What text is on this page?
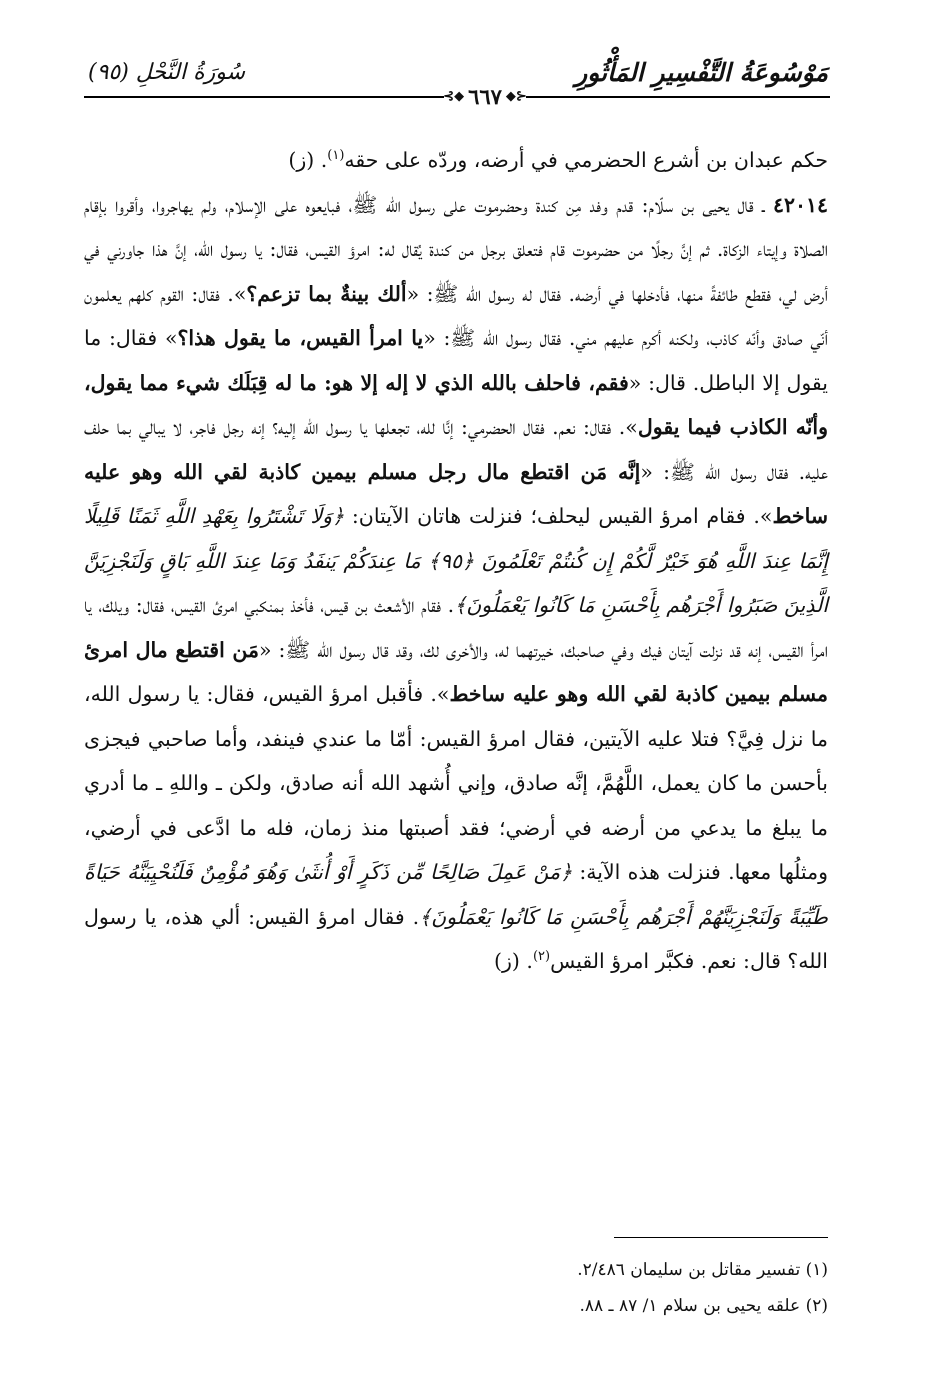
مَوْسُوعَةُ التَّفْسِيرِ المَأْثُورِ
سُورَةُ النَّحْلِ (٩٥)
⊰◆ ٦٦٧ ◆⊱

حكم عبدان بن أشرع الحضرمي في أرضه، وردّه على حقه$^{(١)}$. (ز)

٤٢٠١٤ ـ قال يحيى بن سلّام: قدم وفد مِن كندة وحضرموت على رسول الله ﷺ، فبايعوه على الإسلام، ولم يهاجروا، وأقروا بإقام الصلاة وإيتاء الزكاة. ثم إنَّ رجلًا من حضرموت قام فتعلق برجل من كندة يُقال له: امرؤ القيس، فقال: يا رسول الله، إنَّ هذا جاورني في أرض لي، فقطع طائفةً منها، فأدخلها في أرضه. فقال له رسول الله ﷺ: «ألك بينةٌ بما تزعم؟». فقال: القوم كلهم يعلمون أنّي صادق وأنّه كاذب، ولكنه أكرم عليهم مني. فقال رسول الله ﷺ: «يا امرأ القيس، ما يقول هذا؟» فقال: ما يقول إلا الباطل. قال: «فقم، فاحلف بالله الذي لا إله إلا هو: ما له قِبَلَك شيء مما يقول، وأنّه الكاذب فيما يقول». فقال: نعم. فقال الحضرمي: إنَّا لله، تجعلها يا رسول الله إليه؟ إنه رجل فاجر، لا يبالي بما حلف عليه. فقال رسول الله ﷺ: «إنَّه مَن اقتطع مال رجل مسلم بيمين كاذبة لقي الله وهو عليه ساخط». فقام امرؤ القيس ليحلف؛ فنزلت هاتان الآيتان: ﴿وَلَا تَشْتَرُوا بِعَهْدِ اللَّهِ ثَمَنًا قَلِيلًا إِنَّمَا عِندَ اللَّهِ هُوَ خَيْرٌ لَّكُمْ إِن كُنتُمْ تَعْلَمُونَ ﴿٩٥﴾ مَا عِندَكُمْ يَنفَدُ وَمَا عِندَ اللَّهِ بَاقٍ وَلَنَجْزِيَنَّ الَّذِينَ صَبَرُوا أَجْرَهُم بِأَحْسَنِ مَا كَانُوا يَعْمَلُونَ﴾. فقام الأشعث بن قيس، فأخذ بمنكبي امرئ القيس، فقال: ويلك، يا امرأ القيس، إنه قد نزلت آيتان فيك وفي صاحبك، خيرتهما له، والأخرى لك، وقد قال رسول الله ﷺ: «مَن اقتطع مال امرئ مسلم بيمين كاذبة لقي الله وهو عليه ساخط». فأقبل امرؤ القيس، فقال: يا رسول الله، ما نزل فِيَّ؟ فتلا عليه الآيتين، فقال امرؤ القيس: أمّا ما عندي فينفد، وأما صاحبي فيجزى بأحسن ما كان يعمل، اللَّهُمَّ، إنَّه صادق، وإني أُشهد الله أنه صادق، ولكن ـ واللهِ ـ ما أدري ما يبلغ ما يدعي من أرضه في أرضي؛ فقد أصبتها منذ زمان، فله ما ادَّعى في أرضي، ومثلُها معها. فنزلت هذه الآية: ﴿مَنْ عَمِلَ صَالِحًا مِّن ذَكَرٍ أَوْ أُنثَىٰ وَهُوَ مُؤْمِنٌ فَلَنُحْيِيَنَّهُ حَيَاةً طَيِّبَةً وَلَنَجْزِيَنَّهُمْ أَجْرَهُم بِأَحْسَنِ مَا كَانُوا يَعْمَلُونَ﴾. فقال امرؤ القيس: ألي هذه، يا رسول الله؟ قال: نعم. فكبَّر امرؤ القيس$^{(٢)}$. (ز)

(١) تفسير مقاتل بن سليمان ٢/٤٨٦.

(٢) علقه يحيى بن سلام ١/ ٨٧ ـ ٨٨.
